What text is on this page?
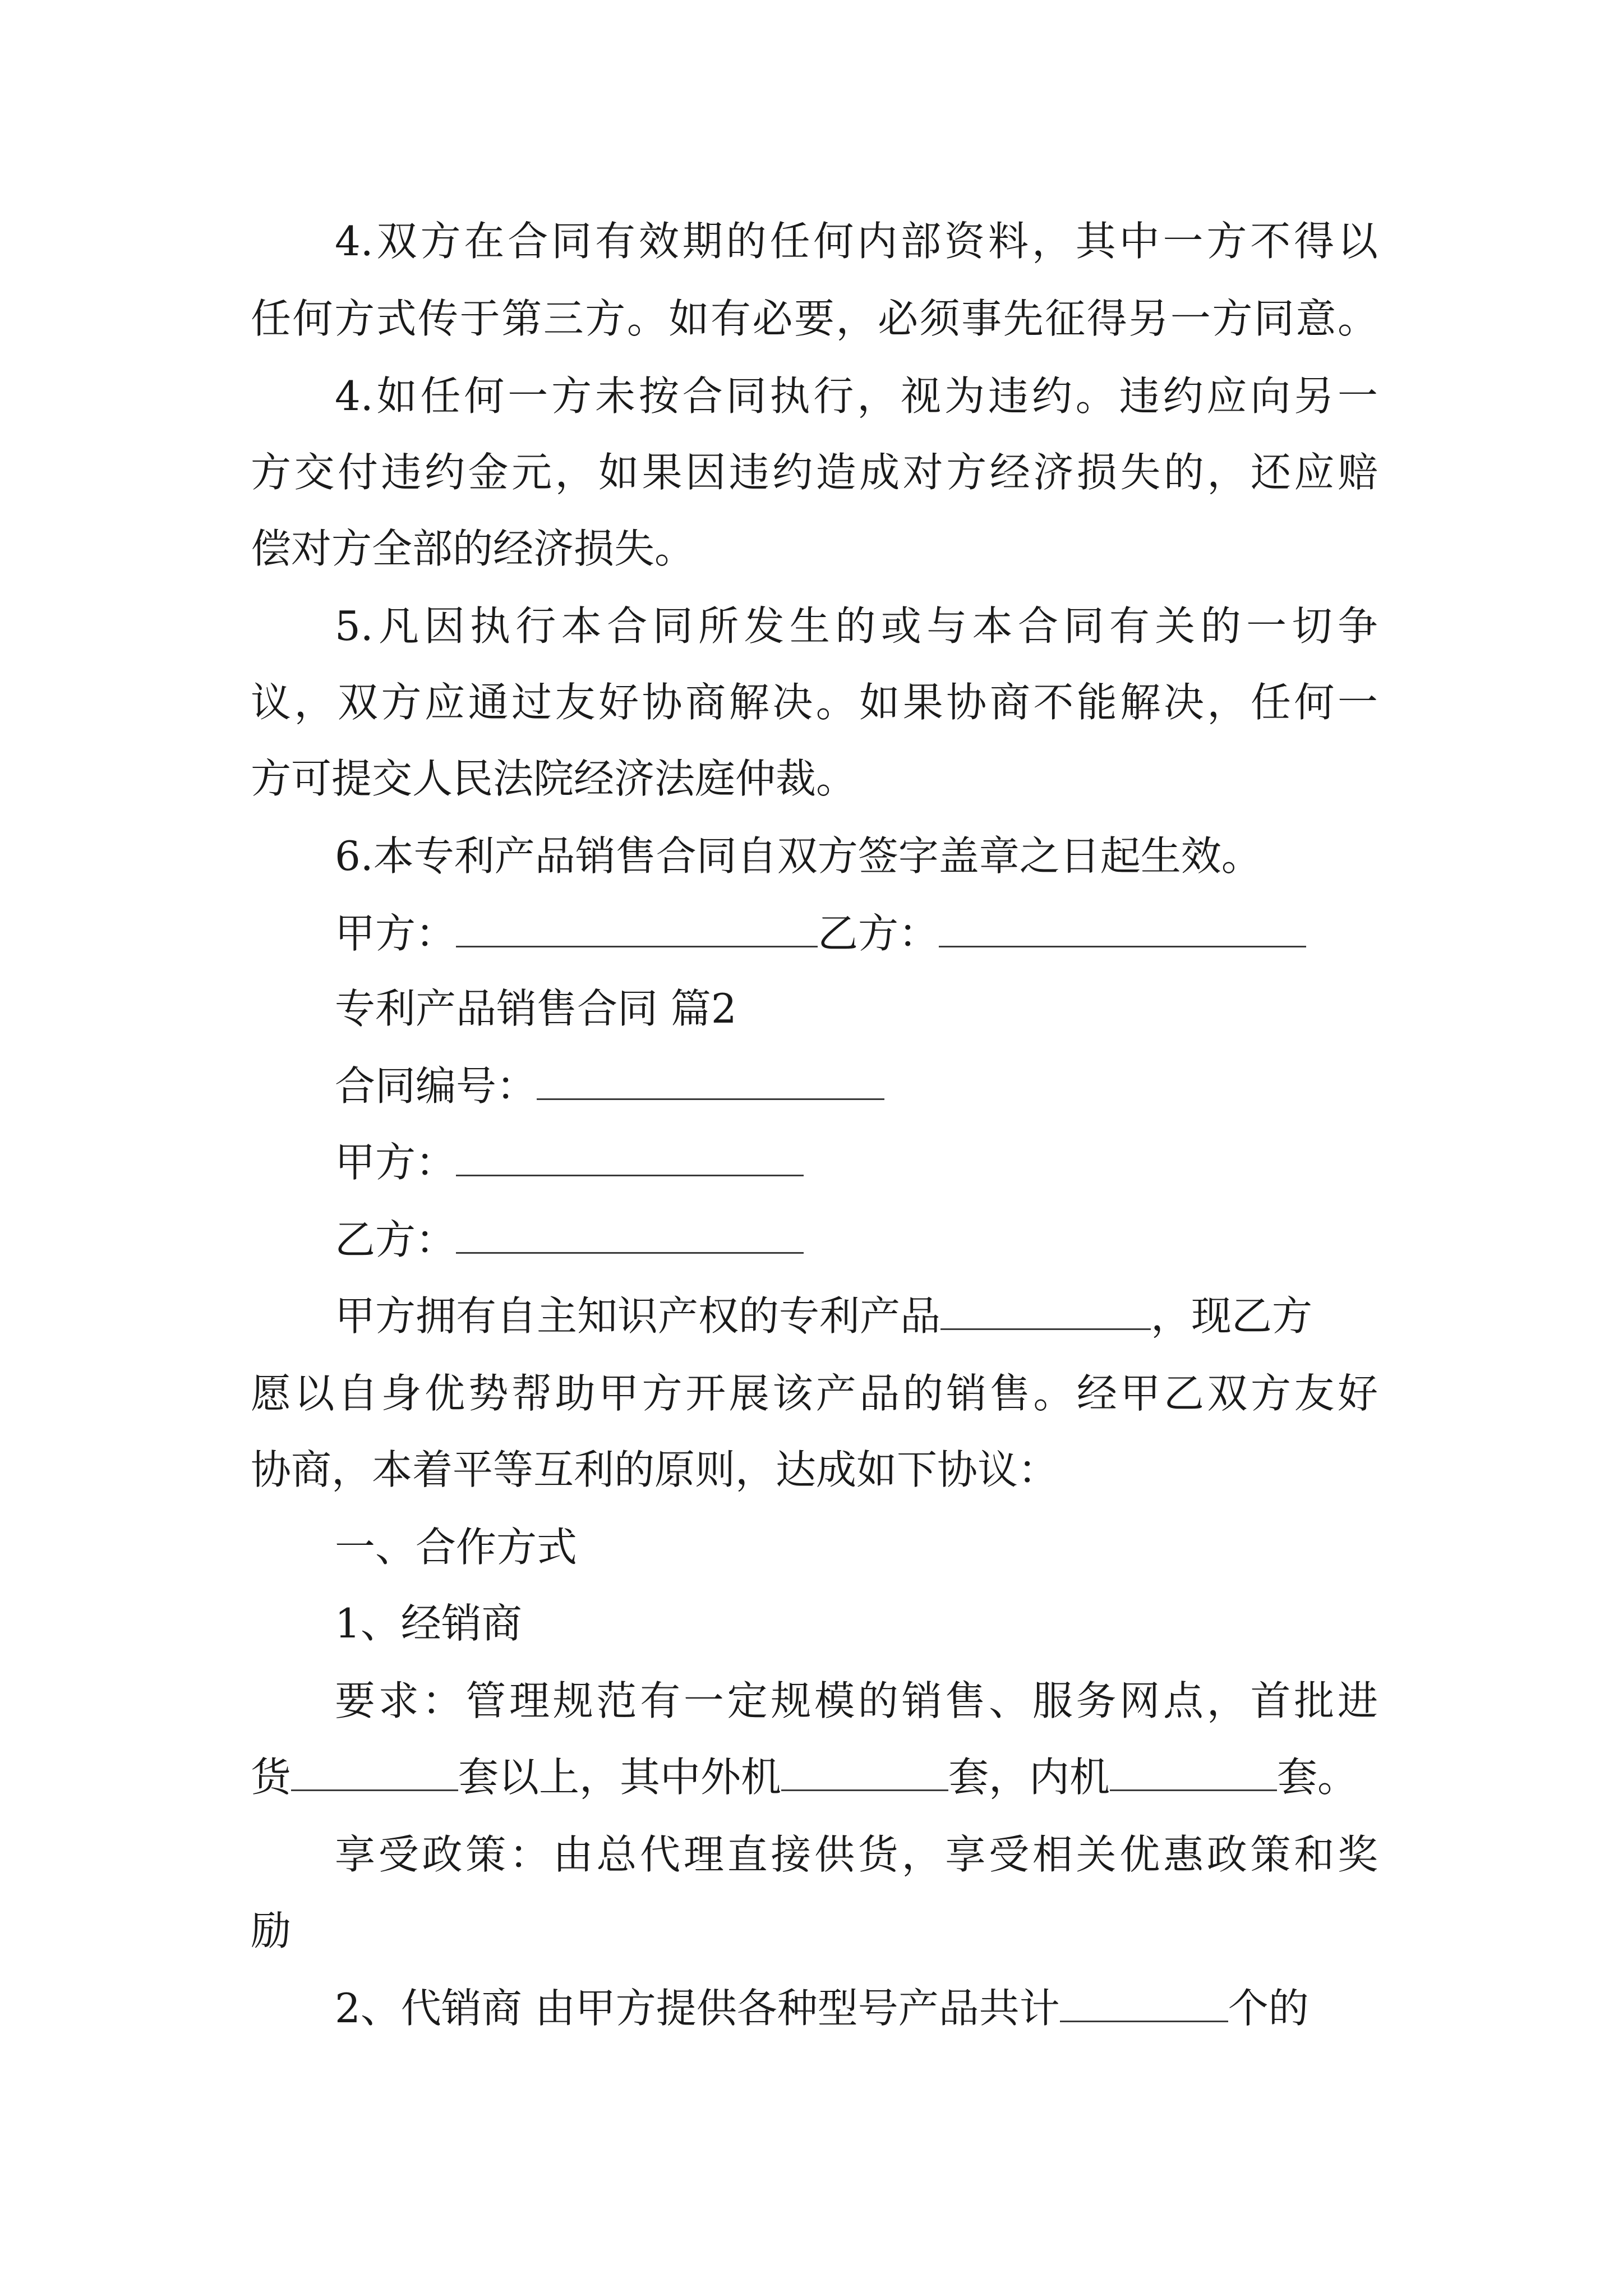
4.双方在合同有效期的任何内部资料，其中一方不得以

任何方式传于第三方。如有必要，必须事先征得另一方同意。

4.如任何一方未按合同执行，视为违约。违约应向另一

方交付违约金元，如果因违约造成对方经济损失的，还应赔

偿对方全部的经济损失。

5.凡因执行本合同所发生的或与本合同有关的一切争

议，双方应通过友好协商解决。如果协商不能解决，任何一

方可提交人民法院经济法庭仲裁。

6.本专利产品销售合同自双方签字盖章之日起生效。

甲方：	乙方：

专利产品销售合同 篇2

合同编号：
甲方：
乙方：
甲方拥有自主知识产权的专利产品	，现乙方

愿以自身优势帮助甲方开展该产品的销售。经甲乙双方友好

协商，本着平等互利的原则，达成如下协议：

一、合作方式

1、经销商

要求：管理规范有一定规模的销售、服务网点，首批进

货	套以上，其中外机	套，内机	套。

享受政策：由总代理直接供货，享受相关优惠政策和奖

励

2、代销商 由甲方提供各种型号产品共计	个的
